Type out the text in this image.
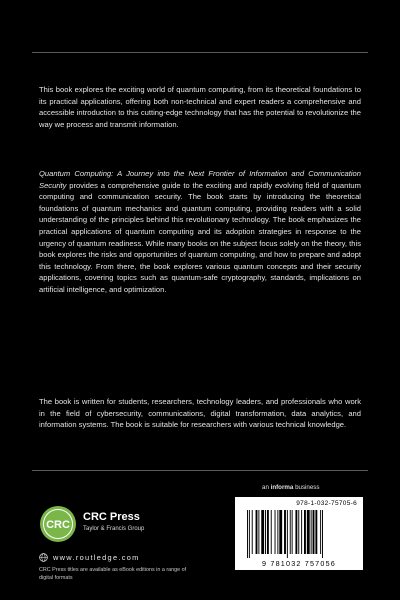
This book explores the exciting world of quantum computing, from its theoretical foundations to its practical applications, offering both non-technical and expert readers a comprehensive and accessible introduction to this cutting-edge technology that has the potential to revolutionize the way we process and transmit information.

Quantum Computing: A Journey into the Next Frontier of Information and Communication Security provides a comprehensive guide to the exciting and rapidly evolving field of quantum computing and communication security. The book starts by introducing the theoretical foundations of quantum mechanics and quantum computing, providing readers with a solid understanding of the principles behind this revolutionary technology. The book emphasizes the practical applications of quantum computing and its adoption strategies in response to the urgency of quantum readiness. While many books on the subject focus solely on the theory, this book explores the risks and opportunities of quantum computing, and how to prepare and adopt this technology. From there, the book explores various quantum concepts and their security applications, covering topics such as quantum-safe cryptography, standards, implications on artificial intelligence, and optimization.

The book is written for students, researchers, technology leaders, and professionals who work in the field of cybersecurity, communications, digital transformation, data analytics, and information systems. The book is suitable for researchers with various technical knowledge.

CRC
CRC Press
Taylor & Francis Group
www.routledge.com
CRC Press titles are available as eBook editions in a range of digital formats
an informa business
978-1-032-75705-6
9 781032 757056
